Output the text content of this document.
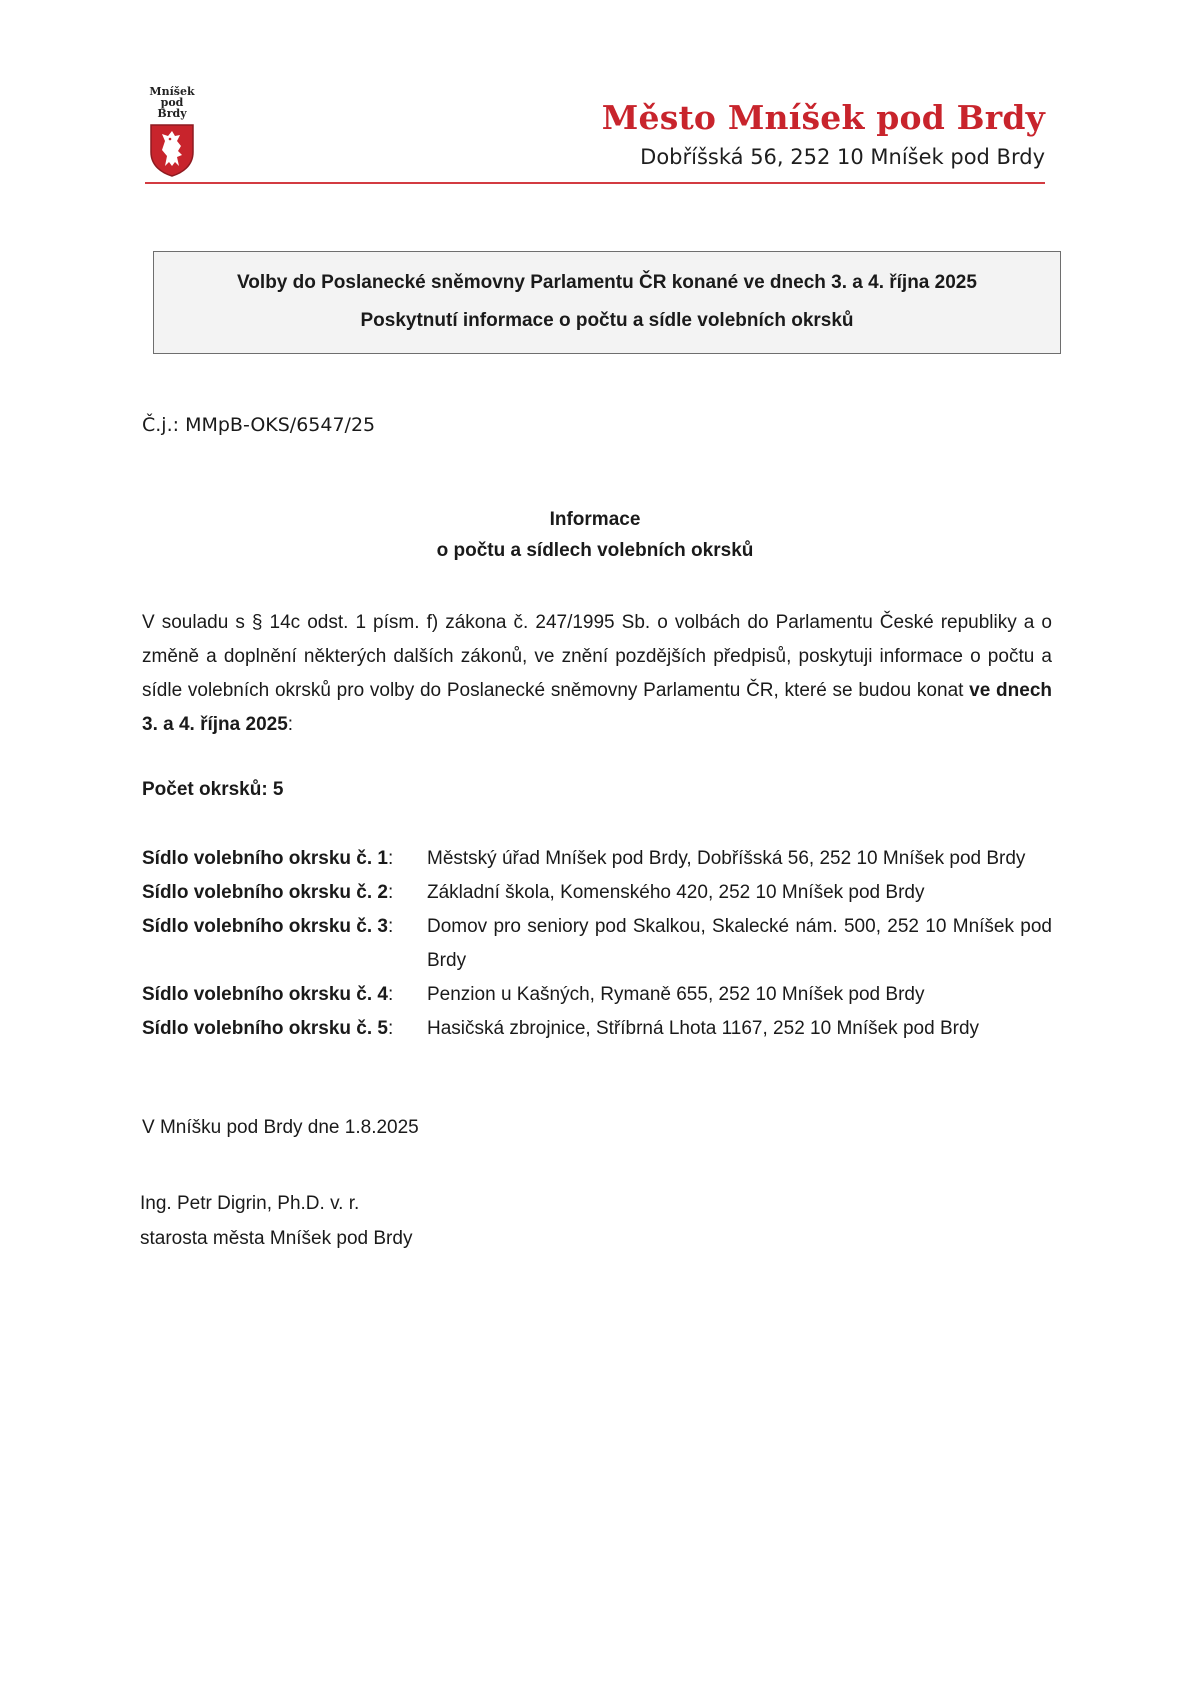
Mníšek
pod Brdy	Město Mníšek pod Brdy
Dobříšská 56, 252 10 Mníšek pod Brdy
Volby do Poslanecké sněmovny Parlamentu ČR konané ve dnech 3. a 4. října 2025
Poskytnutí informace o počtu a sídle volebních okrsků
Č.j.: MMpB-OKS/6547/25
Informace
o počtu a sídlech volebních okrsků
V souladu s § 14c odst. 1 písm. f) zákona č. 247/1995 Sb. o volbách do Parlamentu České republiky a o změně a doplnění některých dalších zákonů, ve znění pozdějších předpisů, poskytuji informace o počtu a sídle volebních okrsků pro volby do Poslanecké sněmovny Parlamentu ČR, které se budou konat ve dnech 3. a 4. října 2025:
Počet okrsků: 5
Sídlo volebního okrsku č. 1:	Městský úřad Mníšek pod Brdy, Dobříšská 56, 252 10 Mníšek pod Brdy
Sídlo volebního okrsku č. 2:	Základní škola, Komenského 420, 252 10 Mníšek pod Brdy
Sídlo volebního okrsku č. 3:	Domov pro seniory pod Skalkou, Skalecké nám. 500, 252 10 Mníšek pod Brdy
Sídlo volebního okrsku č. 4:	Penzion u Kašných, Rymaně 655, 252 10 Mníšek pod Brdy
Sídlo volebního okrsku č. 5:	Hasičská zbrojnice, Stříbrná Lhota 1167, 252 10 Mníšek pod Brdy
V Mníšku pod Brdy dne 1.8.2025
Ing. Petr Digrin, Ph.D. v. r.
starosta města Mníšek pod Brdy
